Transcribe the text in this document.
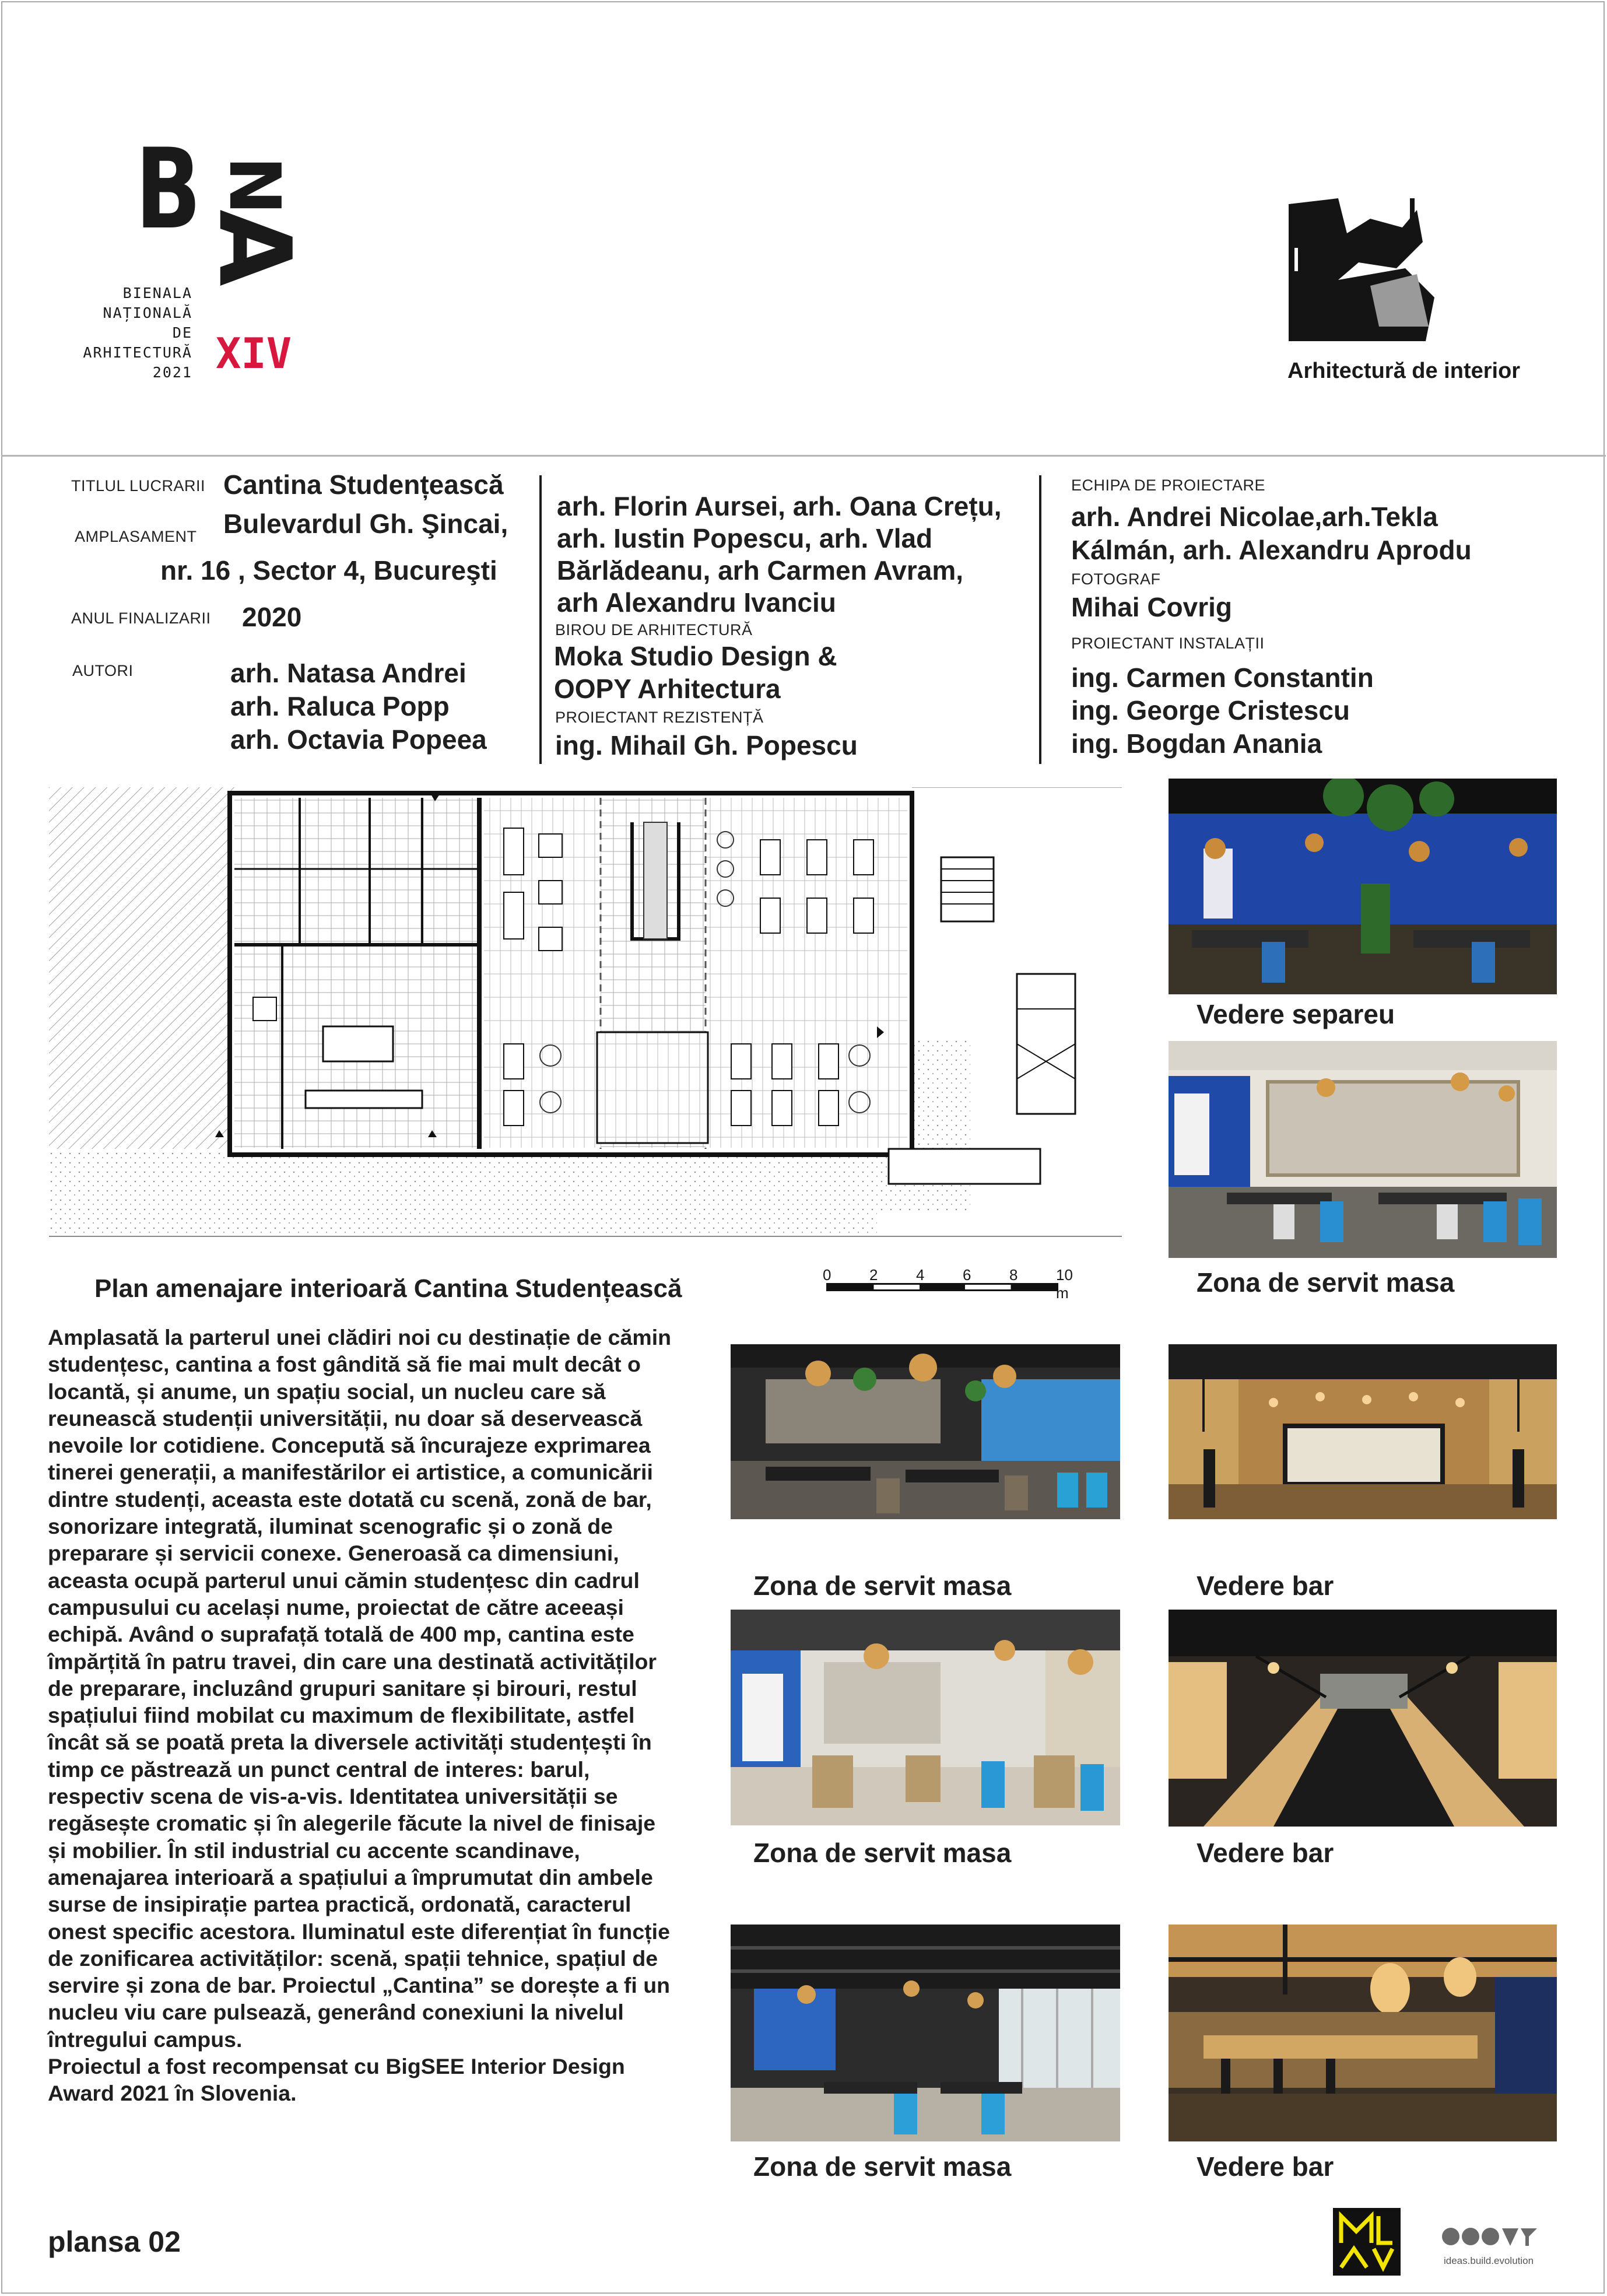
B N
A
BIENALA
NAȚIONALĂ
DE
ARHITECTURĂ
2021 XIV	Arhitectură de interior
TITLUL LUCRARII Cantina Studențească
AMPLASAMENT Bulevardul Gh. Şincai,
nr. 16 , Sector 4, Bucureşti
ANUL FINALIZARII 2020
AUTORI	arh. Natasa Andrei
arh. Raluca Popp
arh. Octavia Popeea
arh. Florin Aursei, arh. Oana Crețu,
arh. Iustin Popescu, arh. Vlad
Bărlădeanu, arh Carmen Avram,
arh Alexandru Ivanciu
BIROU DE ARHITECTURĂ
Moka Studio Design &
OOPY Arhitectura
PROIECTANT REZISTENȚĂ
ing. Mihail Gh. Popescu
ECHIPA DE PROIECTARE
arh. Andrei Nicolae,arh.Tekla
Kálmán, arh. Alexandru Aprodu
FOTOGRAF
Mihai Covrig
PROIECTANT INSTALAȚII
ing. Carmen Constantin
ing. George Cristescu
ing. Bogdan Anania
Plan amenajare interioară Cantina Studențească	0	2	4	6	8	10 m
Vedere separeu
Zona de servit masa
Zona de servit masa	Vedere bar
Zona de servit masa	Vedere bar
Zona de servit masa	Vedere bar

Amplasată la parterul unei clădiri noi cu destinație de cămin studențesc, cantina a fost gândită să fie mai mult decât o locantă, și anume, un spațiu social, un nucleu care să reunească studenții universității, nu doar să deservească nevoile lor cotidiene. Concepută să încurajeze exprimarea tinerei generații, a manifestărilor ei artistice, a comunicării dintre studenți, aceasta este dotată cu scenă, zonă de bar, sonorizare integrată, iluminat scenografic și o zonă de preparare și servicii conexe. Generoasă ca dimensiuni, aceasta ocupă parterul unui cămin studențesc din cadrul campusului cu același nume, proiectat de către aceeași echipă. Având o suprafață totală de 400 mp, cantina este împărțită în patru travei, din care una destinată activităților de preparare, incluzând grupuri sanitare și birouri, restul spațiului fiind mobilat cu maximum de flexibilitate, astfel încât să se poată preta la diversele activități studențești în timp ce păstrează un punct central de interes: barul, respectiv scena de vis-a-vis. Identitatea universității se regăsește cromatic și în alegerile făcute la nivel de finisaje și mobilier. În stil industrial cu accente scandinave, amenajarea interioară a spațiului a împrumutat din ambele surse de insipirație partea practică, ordonată, caracterul onest specific acestora. Iluminatul este diferențiat în funcție de zonificarea activităților: scenă, spații tehnice, spațiul de servire și zona de bar. Proiectul „Cantina” se dorește a fi un nucleu viu care pulsează, generând conexiuni la nivelul întregului campus.

Proiectul a fost recompensat cu BigSEE Interior Design Award 2021 în Slovenia.

plansa 02
ideas.build.evolution
